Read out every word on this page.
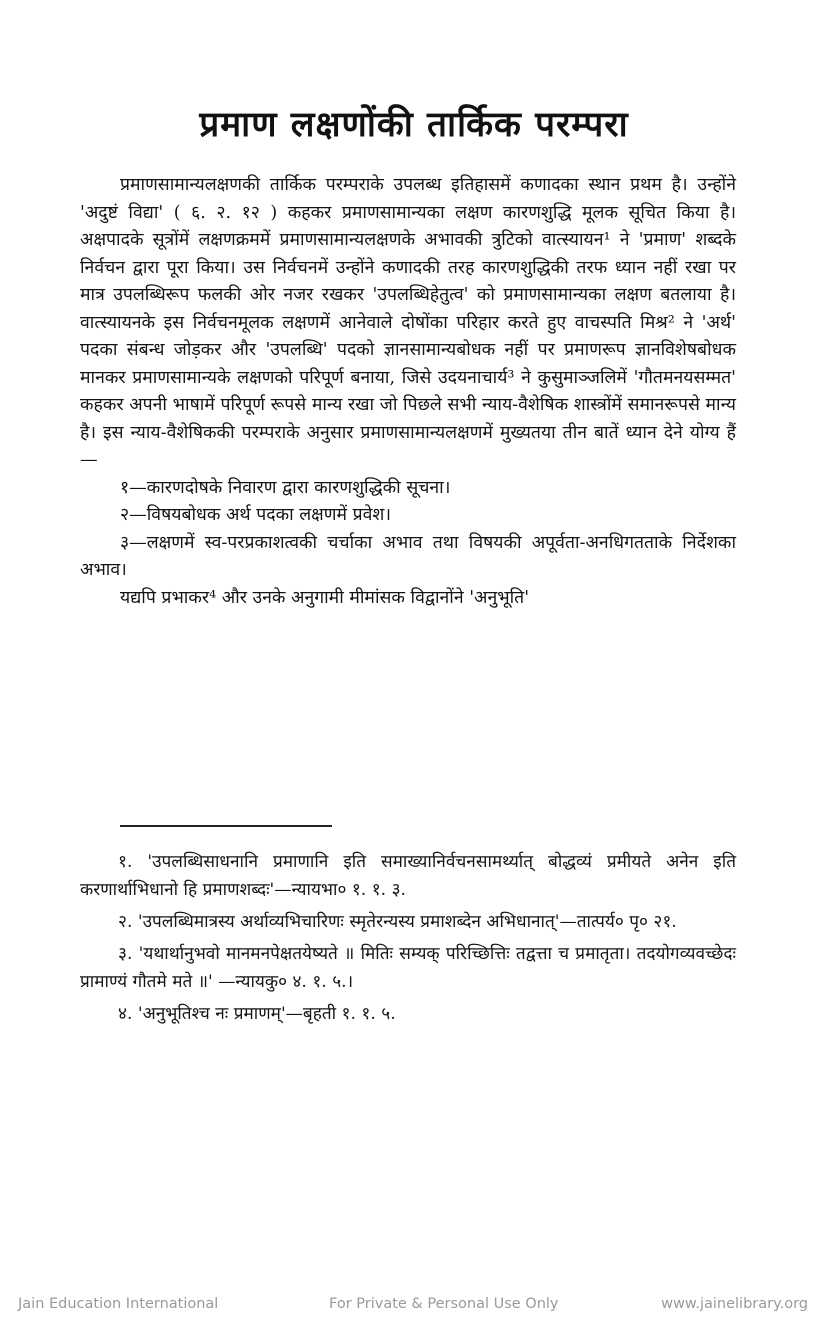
प्रमाण लक्षणोंकी तार्किक परम्परा

प्रमाणसामान्यलक्षणकी तार्किक परम्पराके उपलब्ध इतिहासमें कणादका स्थान प्रथम है। उन्होंने 'अदुष्टं विद्या' ( ६. २. १२ ) कहकर प्रमाणसामान्यका लक्षण कारणशुद्धि मूलक सूचित किया है। अक्षपादके सूत्रोंमें लक्षणक्रममें प्रमाणसामान्यलक्षणके अभावकी त्रुटिको वात्स्यायन¹ ने 'प्रमाण' शब्दके निर्वचन द्वारा पूरा किया। उस निर्वचनमें उन्होंने कणादकी तरह कारणशुद्धिकी तरफ ध्यान नहीं रखा पर मात्र उपलब्धिरूप फलकी ओर नजर रखकर 'उपलब्धिहेतुत्व' को प्रमाणसामान्यका लक्षण बतलाया है। वात्स्यायनके इस निर्वचनमूलक लक्षणमें आनेवाले दोषोंका परिहार करते हुए वाचस्पति मिश्र² ने 'अर्थ' पदका संबन्ध जोड़कर और 'उपलब्धि' पदको ज्ञानसामान्यबोधक नहीं पर प्रमाणरूप ज्ञानविशेषबोधक मानकर प्रमाणसामान्यके लक्षणको परिपूर्ण बनाया, जिसे उदयनाचार्य³ ने कुसुमाञ्जलिमें 'गौतमनयसम्मत' कहकर अपनी भाषामें परिपूर्ण रूपसे मान्य रखा जो पिछले सभी न्याय-वैशेषिक शास्त्रोंमें समानरूपसे मान्य है। इस न्याय-वैशेषिककी परम्पराके अनुसार प्रमाणसामान्यलक्षणमें मुख्यतया तीन बातें ध्यान देने योग्य हैं—

१—कारणदोषके निवारण द्वारा कारणशुद्धिकी सूचना।

२—विषयबोधक अर्थ पदका लक्षणमें प्रवेश।

३—लक्षणमें स्व-परप्रकाशत्वकी चर्चाका अभाव तथा विषयकी अपूर्वता-अनधिगतताके निर्देशका अभाव।

यद्यपि प्रभाकर⁴ और उनके अनुगामी मीमांसक विद्वानोंने 'अनुभूति'

१. 'उपलब्धिसाधनानि प्रमाणानि इति समाख्यानिर्वचनसामर्थ्यात् बोद्धव्यं प्रमीयते अनेन इति करणार्थाभिधानो हि प्रमाणशब्दः'—न्यायभा० १. १. ३.

२. 'उपलब्धिमात्रस्य अर्थाव्यभिचारिणः स्मृतेरन्यस्य प्रमाशब्देन अभिधानात्'—तात्पर्य० पृ० २१.

३. 'यथार्थानुभवो मानमनपेक्षतयेष्यते ॥ मितिः सम्यक् परिच्छित्तिः तद्वत्ता च प्रमातृता। तदयोगव्यवच्छेदः प्रामाण्यं गौतमे मते ॥' —न्यायकु० ४. १. ५.।

४. 'अनुभूतिश्च नः प्रमाणम्'—बृहती १. १. ५.

Jain Education International	For Private & Personal Use Only	www.jainelibrary.org
